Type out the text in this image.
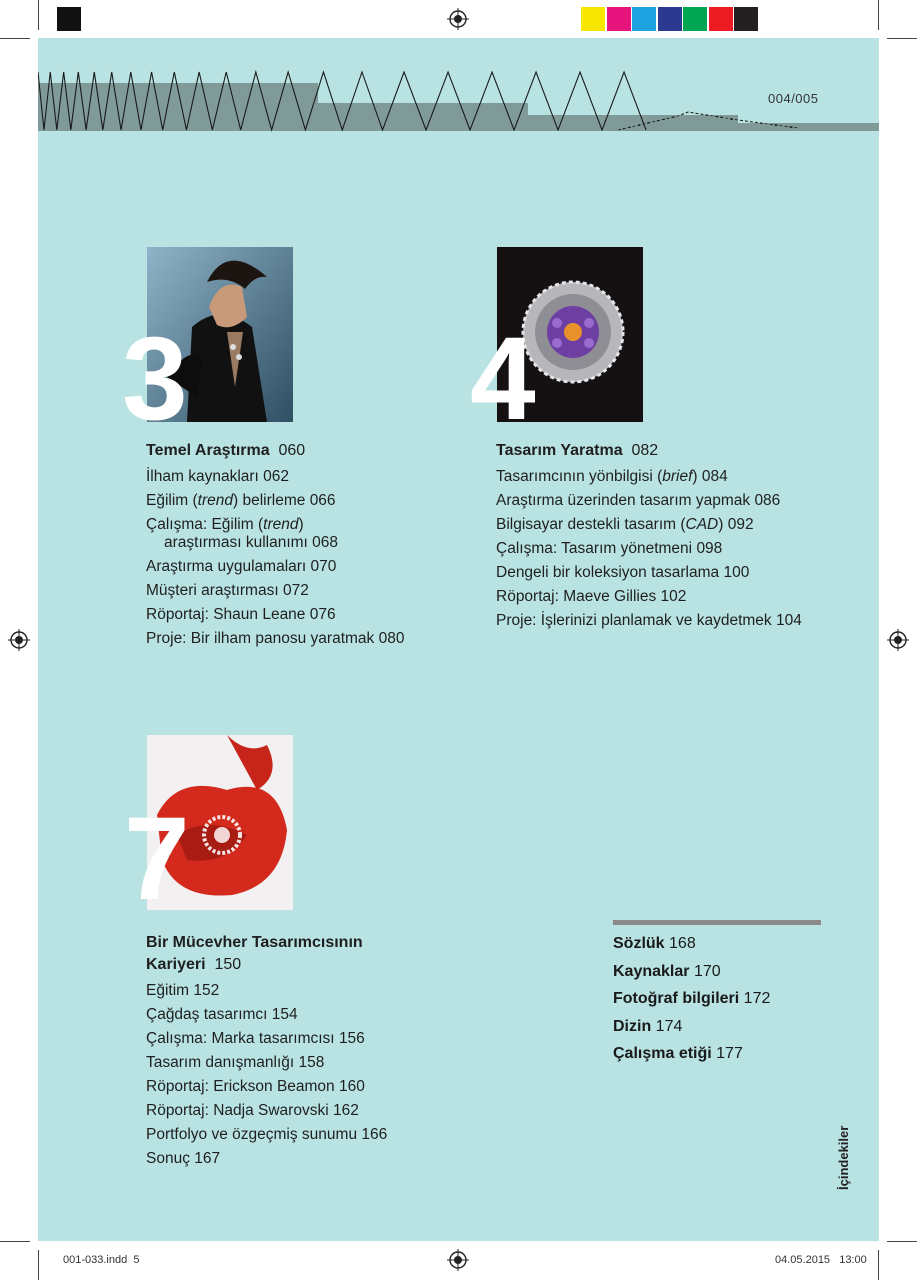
004/005
3
Temel Araştırma 060
İlham kaynakları 062
Eğilim (trend) belirleme 066
Çalışma: Eğilim (trend)
araştırması kullanımı 068
Araştırma uygulamaları 070
Müşteri araştırması 072
Röportaj: Shaun Leane 076
Proje: Bir ilham panosu yaratmak 080
4
Tasarım Yaratma 082
Tasarımcının yönbilgisi (brief) 084
Araştırma üzerinden tasarım yapmak 086
Bilgisayar destekli tasarım (CAD) 092
Çalışma: Tasarım yönetmeni 098
Dengeli bir koleksiyon tasarlama 100
Röportaj: Maeve Gillies 102
Proje: İşlerinizi planlamak ve kaydetmek 104
7
Bir Mücevher Tasarımcısının
Kariyeri 150
Eğitim 152
Çağdaş tasarımcı 154
Çalışma: Marka tasarımcısı 156
Tasarım danışmanlığı 158
Röportaj: Erickson Beamon 160
Röportaj: Nadja Swarovski 162
Portfolyo ve özgeçmiş sunumu 166
Sonuç 167
Sözlük 168
Kaynaklar 170
Fotoğraf bilgileri 172
Dizin 174
Çalışma etiği 177
İçindekiler
001-033.indd 5	04.05.2015 13:00
